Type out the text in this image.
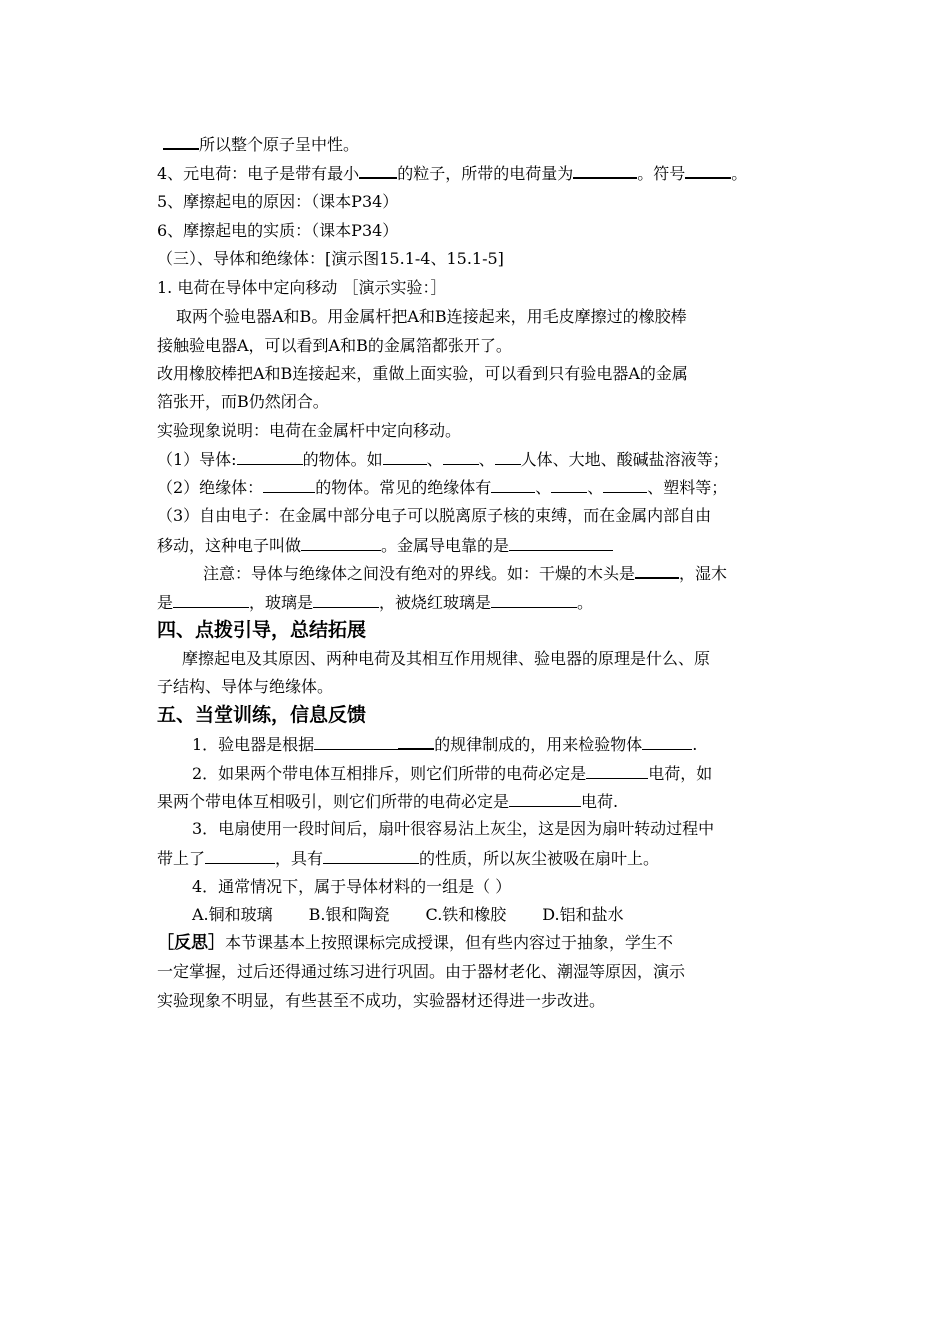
所以整个原子呈中性。
4、元电荷：电子是带有最小 的粒子，所带的电荷量为	。符号	。
5、摩擦起电的原因：（课本P34）
6、摩擦起电的实质：（课本P34）
（三）、导体和绝缘体：[演示图15.1-4、15.1-5]
1. 电荷在导体中定向移动 ［演示实验：］
取两个验电器A和B。用金属杆把A和B连接起来，用毛皮摩擦过的橡胶棒
接触验电器A，可以看到A和B的金属箔都张开了。
改用橡胶棒把A和B连接起来，重做上面实验，可以看到只有验电器A的金属
箔张开，而B仍然闭合。
实验现象说明：电荷在金属杆中定向移动。
（1）导体:	的物体。如	、 、 人体、大地、酸碱盐溶液等；
（2）绝缘体：	的物体。常见的绝缘体有	、 、	、塑料等；
（3）自由电子：在金属中部分电子可以脱离原子核的束缚，而在金属内部自由
移动，这种电子叫做	。金属导电靠的是
注意：导体与绝缘体之间没有绝对的界线。如：干燥的木头是	，湿木
是	，玻璃是	，被烧红玻璃是	。
四、点拨引导，总结拓展
摩擦起电及其原因、两种电荷及其相互作用规律、验电器的原理是什么、原
子结构、导体与绝缘体。
五、当堂训练，信息反馈
1．验电器是根据	的规律制成的，用来检验物体	.
2．如果两个带电体互相排斥，则它们所带的电荷必定是	电荷，如
果两个带电体互相吸引，则它们所带的电荷必定是	电荷.
3．电扇使用一段时间后，扇叶很容易沾上灰尘，这是因为扇叶转动过程中
带上了	，具有	的性质，所以灰尘被吸在扇叶上。
4．通常情况下，属于导体材料的一组是（ ）
A.铜和玻璃 B.银和陶瓷 C.铁和橡胶 D.铝和盐水
［反思］本节课基本上按照课标完成授课，但有些内容过于抽象，学生不
一定掌握，过后还得通过练习进行巩固。由于器材老化、潮湿等原因，演示
实验现象不明显，有些甚至不成功，实验器材还得进一步改进。
